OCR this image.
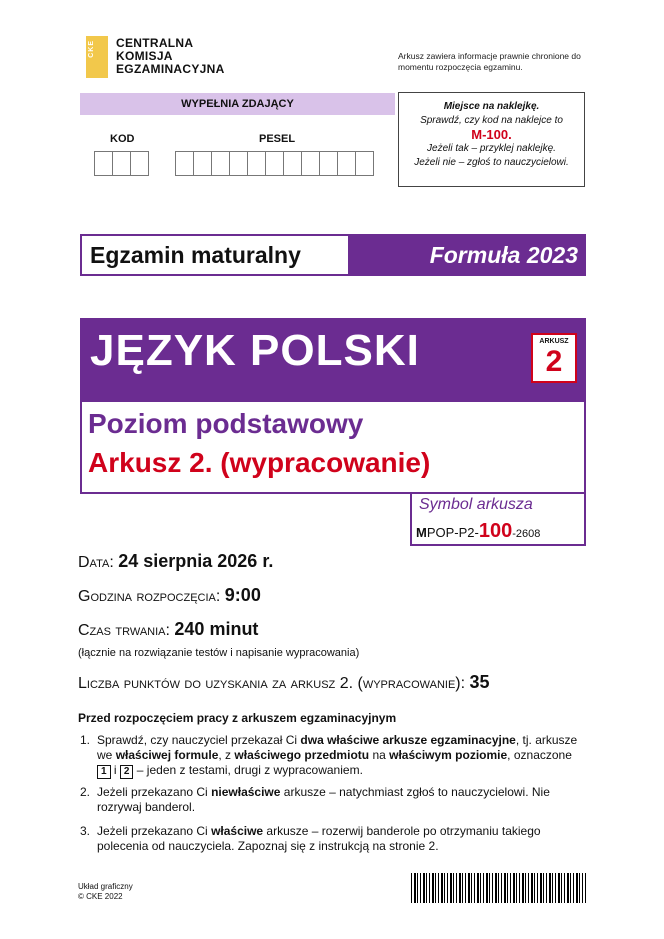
CKE CENTRALNA
KOMISJA
EGZAMINACYJNA
Arkusz zawiera informacje prawnie chronione do momentu rozpoczęcia egzaminu.
WYPEŁNIA ZDAJĄCY
KOD	PESEL
Miejsce na naklejkę.
Sprawdź, czy kod na naklejce to
M-100.
Jeżeli tak – przyklej naklejkę.
Jeżeli nie – zgłoś to nauczycielowi.
Egzamin maturalny	Formuła 2023
JĘZYK POLSKI	ARKUSZ
2
Poziom podstawowy
Arkusz 2. (wypracowanie)
Symbol arkusza
MPOP-P2-100-2608
Data: 24 sierpnia 2026 r.
Godzina rozpoczęcia: 9:00
Czas trwania: 240 minut
(łącznie na rozwiązanie testów i napisanie wypracowania)
Liczba punktów do uzyskania za arkusz 2. (wypracowanie): 35
Przed rozpoczęciem pracy z arkuszem egzaminacyjnym
1. Sprawdź, czy nauczyciel przekazał Ci dwa właściwe arkusze egzaminacyjne, tj. arkusze we właściwej formule, z właściwego przedmiotu na właściwym poziomie, oznaczone 1 i 2 – jeden z testami, drugi z wypracowaniem.
2. Jeżeli przekazano Ci niewłaściwe arkusze – natychmiast zgłoś to nauczycielowi. Nie rozrywaj banderol.
3. Jeżeli przekazano Ci właściwe arkusze – rozerwij banderole po otrzymaniu takiego polecenia od nauczyciela. Zapoznaj się z instrukcją na stronie 2.
Układ graficzny
© CKE 2022
